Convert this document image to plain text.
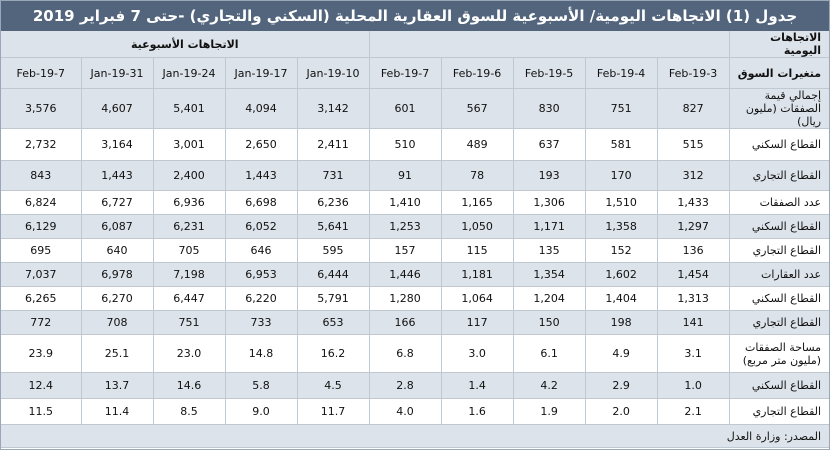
جدول (1) الاتجاهات اليومية/ الأسبوعية للسوق العقارية المحلية (السكني والتجاري) -حتى 7 فبراير 2019
الاتجاهات اليومية						الاتجاهات الأسبوعية				
متغيرات السوق	3-Feb-19	4-Feb-19	5-Feb-19	6-Feb-19	7-Feb-19	10-Jan-19	17-Jan-19	24-Jan-19	31-Jan-19	7-Feb-19
إجمالي قيمة الصفقات (مليون ريال)	827	751	830	567	601	3,142	4,094	5,401	4,607	3,576
القطاع السكني	515	581	637	489	510	2,411	2,650	3,001	3,164	2,732
القطاع التجاري	312	170	193	78	91	731	1,443	2,400	1,443	843
عدد الصفقات	1,433	1,510	1,306	1,165	1,410	6,236	6,698	6,936	6,727	6,824
القطاع السكني	1,297	1,358	1,171	1,050	1,253	5,641	6,052	6,231	6,087	6,129
القطاع التجاري	136	152	135	115	157	595	646	705	640	695
عدد العقارات	1,454	1,602	1,354	1,181	1,446	6,444	6,953	7,198	6,978	7,037
القطاع السكني	1,313	1,404	1,204	1,064	1,280	5,791	6,220	6,447	6,270	6,265
القطاع التجاري	141	198	150	117	166	653	733	751	708	772
مساحة الصفقات (مليون متر مربع)	3.1	4.9	6.1	3.0	6.8	16.2	14.8	23.0	25.1	23.9
القطاع السكني	1.0	2.9	4.2	1.4	2.8	4.5	5.8	14.6	13.7	12.4
القطاع التجاري	2.1	2.0	1.9	1.6	4.0	11.7	9.0	8.5	11.4	11.5
المصدر: وزارة العدل										
